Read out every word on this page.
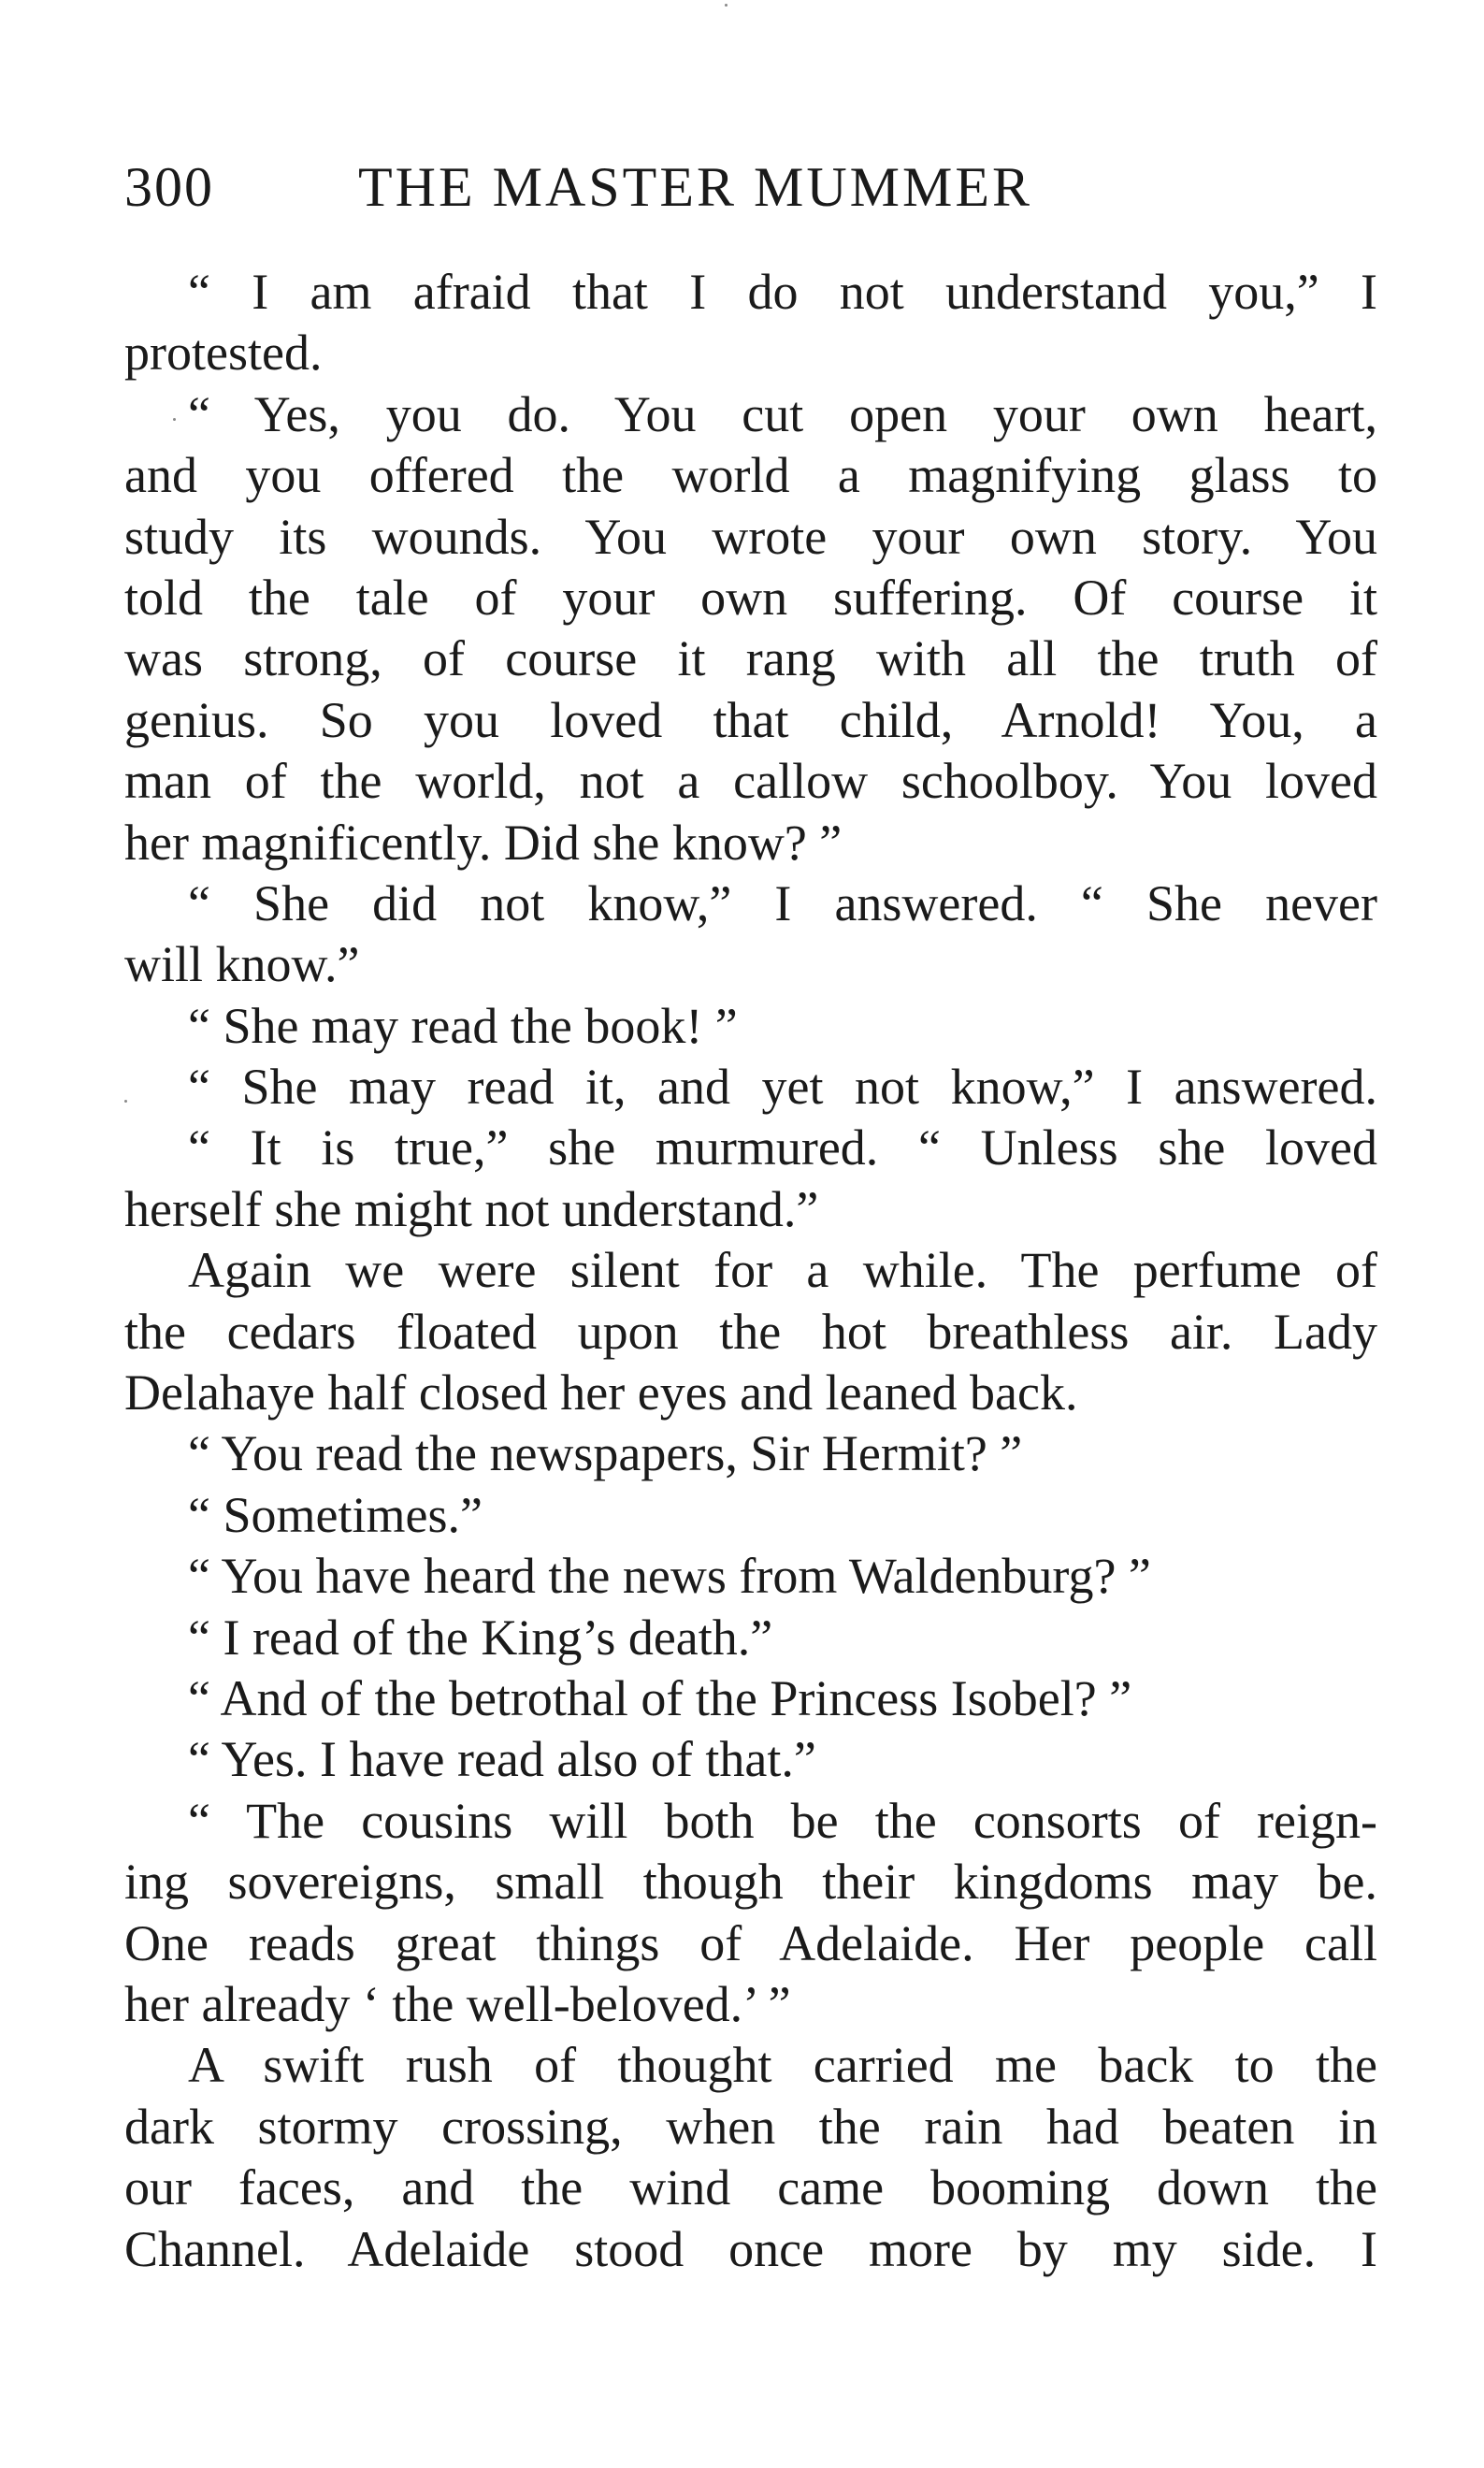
300	THE MASTER MUMMER
“ I am afraid that I do not understand you,” I
protested.
“ Yes, you do. You cut open your own heart,
and you offered the world a magnifying glass to
study its wounds. You wrote your own story. You
told the tale of your own suffering. Of course it
was strong, of course it rang with all the truth of
genius. So you loved that child, Arnold! You, a
man of the world, not a callow schoolboy. You loved
her magnificently. Did she know? ”
“ She did not know,” I answered. “ She never
will know.”
“ She may read the book! ”
“ She may read it, and yet not know,” I answered.
“ It is true,” she murmured. “ Unless she loved
herself she might not understand.”
Again we were silent for a while. The perfume of
the cedars floated upon the hot breathless air. Lady
Delahaye half closed her eyes and leaned back.
“ You read the newspapers, Sir Hermit? ”
“ Sometimes.”
“ You have heard the news from Waldenburg? ”
“ I read of the King’s death.”
“ And of the betrothal of the Princess Isobel? ”
“ Yes. I have read also of that.”
“ The cousins will both be the consorts of reign-
ing sovereigns, small though their kingdoms may be.
One reads great things of Adelaide. Her people call
her already ‘ the well-beloved.’ ”
A swift rush of thought carried me back to the
dark stormy crossing, when the rain had beaten in
our faces, and the wind came booming down the
Channel. Adelaide stood once more by my side. I
